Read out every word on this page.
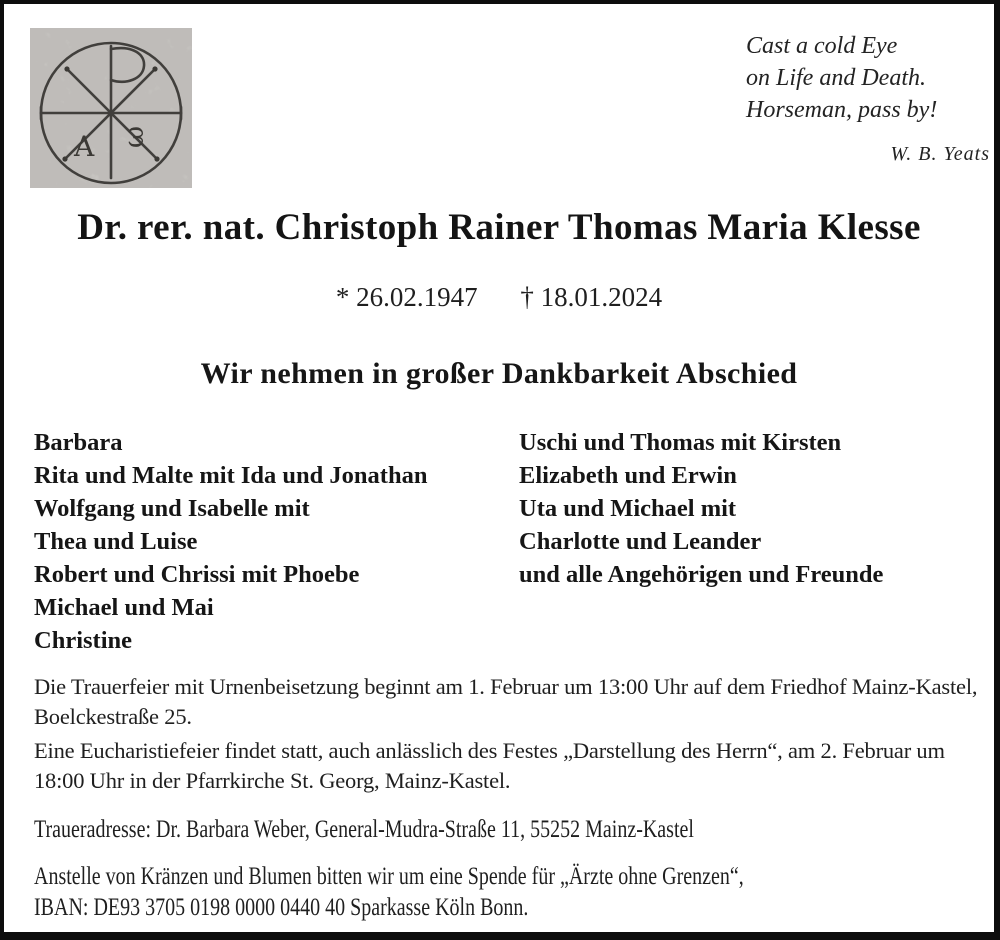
A ω
Cast a cold Eye
on Life and Death.
Horseman, pass by!
W. B. Yeats
Dr. rer. nat. Christoph Rainer Thomas Maria Klesse
* 26.02.1947 † 18.01.2024
Wir nehmen in großer Dankbarkeit Abschied
Barbara
Rita und Malte mit Ida und Jonathan
Wolfgang und Isabelle mit
Thea und Luise
Robert und Chrissi mit Phoebe
Michael und Mai
Christine
Uschi und Thomas mit Kirsten
Elizabeth und Erwin
Uta und Michael mit
Charlotte und Leander
und alle Angehörigen und Freunde
Die Trauerfeier mit Urnenbeisetzung beginnt am 1. Februar um 13:00 Uhr auf dem Friedhof Mainz-Kastel, Boelckestraße 25.
Eine Eucharistiefeier findet statt, auch anlässlich des Festes „Darstellung des Herrn“, am 2. Februar um 18:00 Uhr in der Pfarrkirche St. Georg, Mainz-Kastel.
Traueradresse: Dr. Barbara Weber, General-Mudra-Straße 11, 55252 Mainz-Kastel
Anstelle von Kränzen und Blumen bitten wir um eine Spende für „Ärzte ohne Grenzen“,
IBAN: DE93 3705 0198 0000 0440 40 Sparkasse Köln Bonn.
